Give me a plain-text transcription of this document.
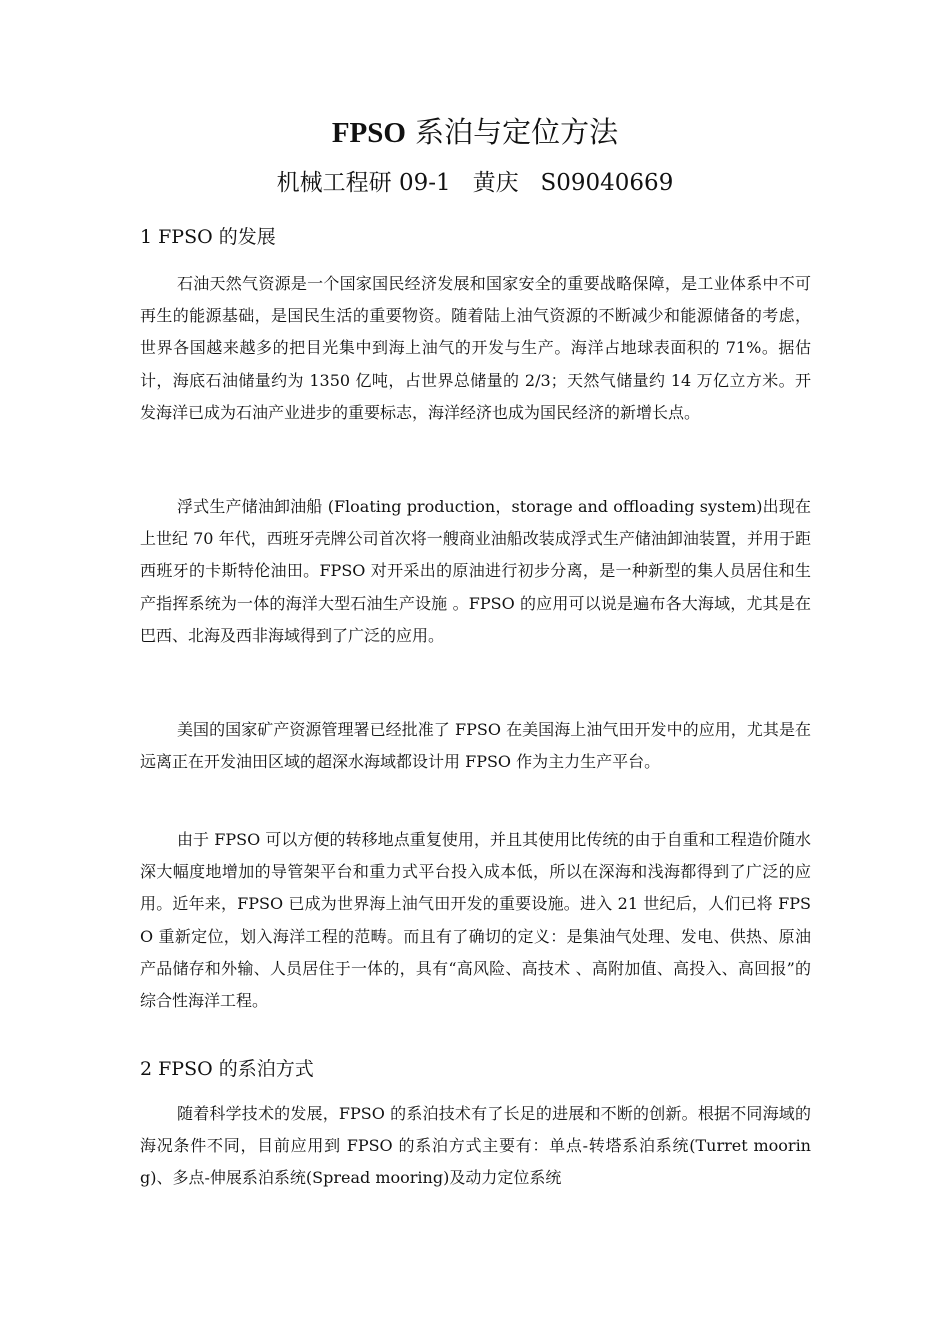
FPSO 系泊与定位方法
机械工程研 09-1   黄庆   S09040669
1 FPSO 的发展
石油天然气资源是一个国家国民经济发展和国家安全的重要战略保障，是工业体系中不可再生的能源基础，是国民生活的重要物资。随着陆上油气资源的不断减少和能源储备的考虑，世界各国越来越多的把目光集中到海上油气的开发与生产。海洋占地球表面积的 71%。据估计，海底石油储量约为 1350 亿吨，占世界总储量的 2/3；天然气储量约 14 万亿立方米。开发海洋已成为石油产业进步的重要标志，海洋经济也成为国民经济的新增长点。
浮式生产储油卸油船 (Floating production，storage and offloading system)出现在上世纪 70 年代，西班牙壳牌公司首次将一艘商业油船改装成浮式生产储油卸油装置，并用于距西班牙的卡斯特伦油田。FPSO 对开采出的原油进行初步分离，是一种新型的集人员居住和生产指挥系统为一体的海洋大型石油生产设施 。FPSO 的应用可以说是遍布各大海域，尤其是在巴西、北海及西非海域得到了广泛的应用。
美国的国家矿产资源管理署已经批准了 FPSO 在美国海上油气田开发中的应用，尤其是在远离正在开发油田区域的超深水海域都设计用 FPSO 作为主力生产平台。
由于 FPSO 可以方便的转移地点重复使用，并且其使用比传统的由于自重和工程造价随水深大幅度地增加的导管架平台和重力式平台投入成本低，所以在深海和浅海都得到了广泛的应用。近年来，FPSO 已成为世界海上油气田开发的重要设施。进入 21 世纪后，人们已将 FPSO 重新定位，划入海洋工程的范畴。而且有了确切的定义：是集油气处理、发电、供热、原油产品储存和外输、人员居住于一体的，具有“高风险、高技术 、高附加值、高投入、高回报”的综合性海洋工程。
2 FPSO 的系泊方式
随着科学技术的发展，FPSO 的系泊技术有了长足的进展和不断的创新。根据不同海域的海况条件不同，目前应用到 FPSO 的系泊方式主要有：单点-转塔系泊系统(Turret mooring)、多点-伸展系泊系统(Spread mooring)及动力定位系统
